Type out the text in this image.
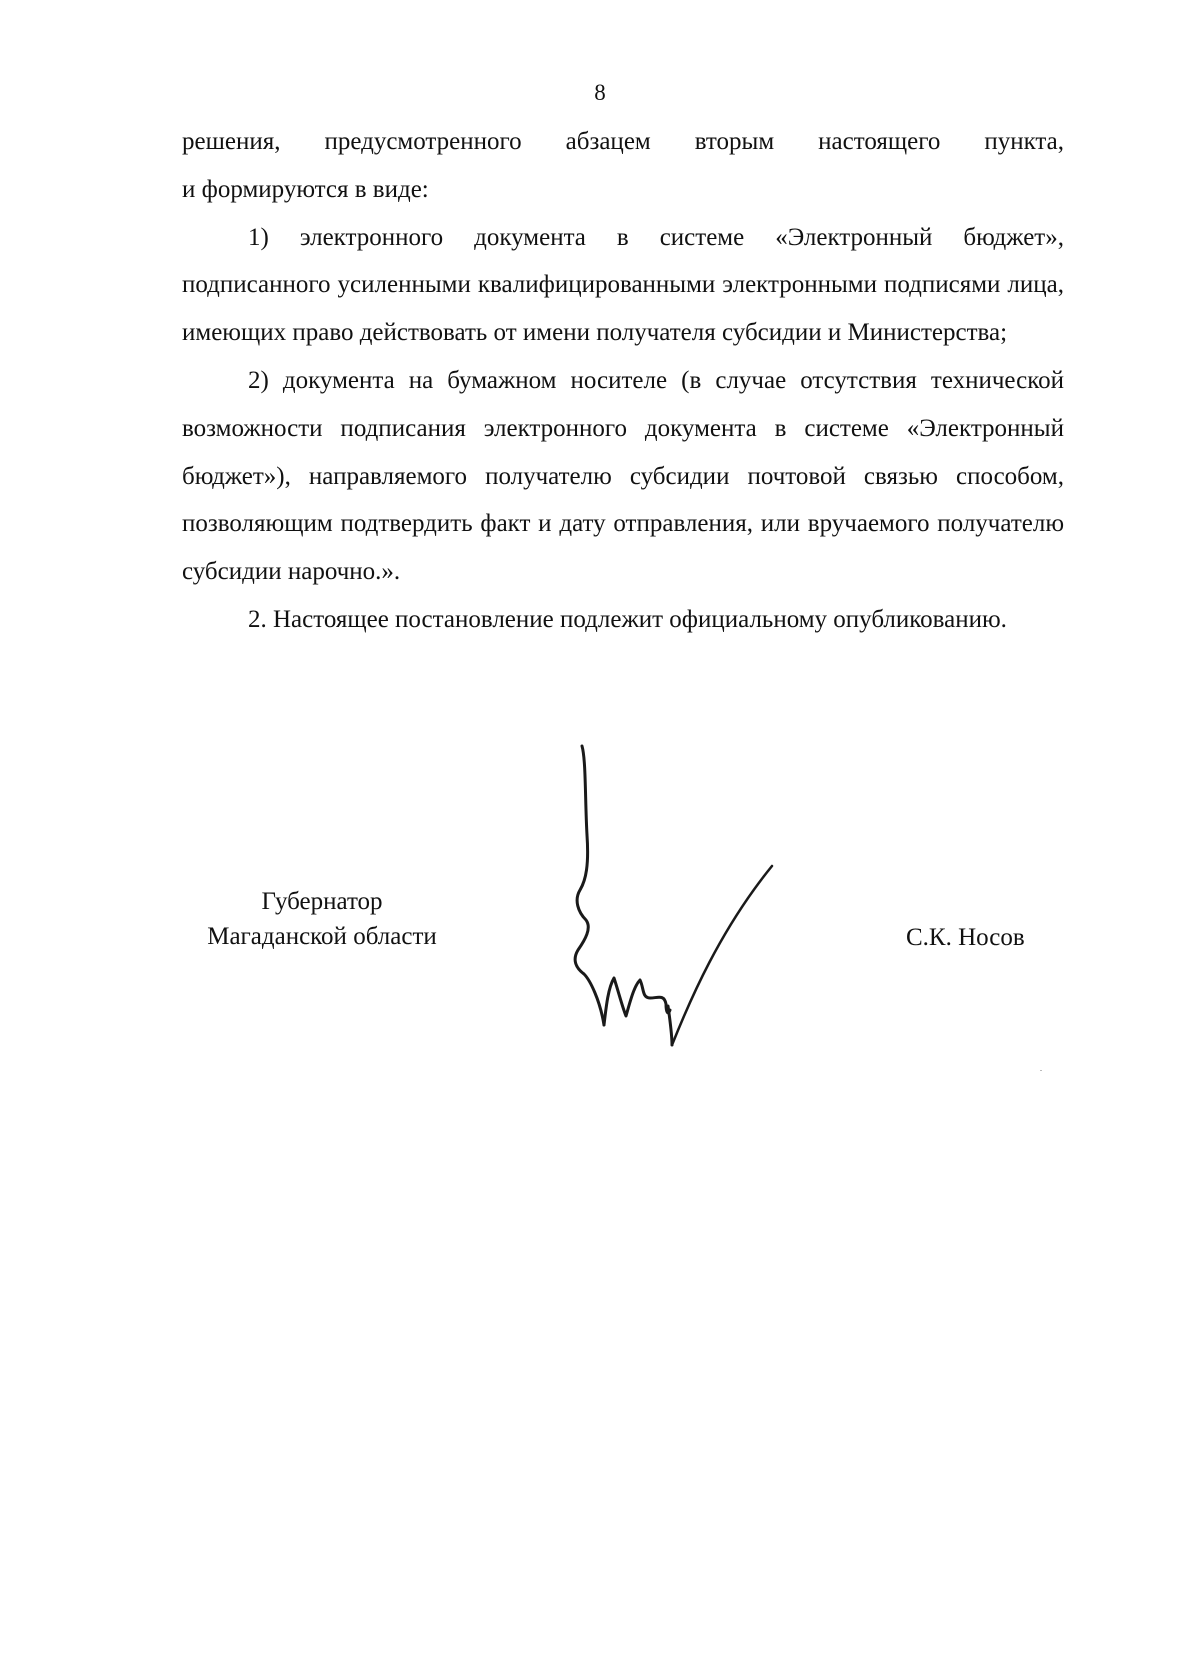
8

решения, предусмотренного абзацем вторым настоящего пункта,

и формируются в виде:

1) электронного документа в системе «Электронный бюджет», подписанного усиленными квалифицированными электронными подписями лица, имеющих право действовать от имени получателя субсидии и Министерства;

2) документа на бумажном носителе (в случае отсутствия технической возможности подписания электронного документа в системе «Электронный бюджет»), направляемого получателю субсидии почтовой связью способом, позволяющим подтвердить факт и дату отправления, или вручаемого получателю субсидии нарочно.».

2. Настоящее постановление подлежит официальному опубликованию.

Губернатор
Магаданской области	С.К. Носов
